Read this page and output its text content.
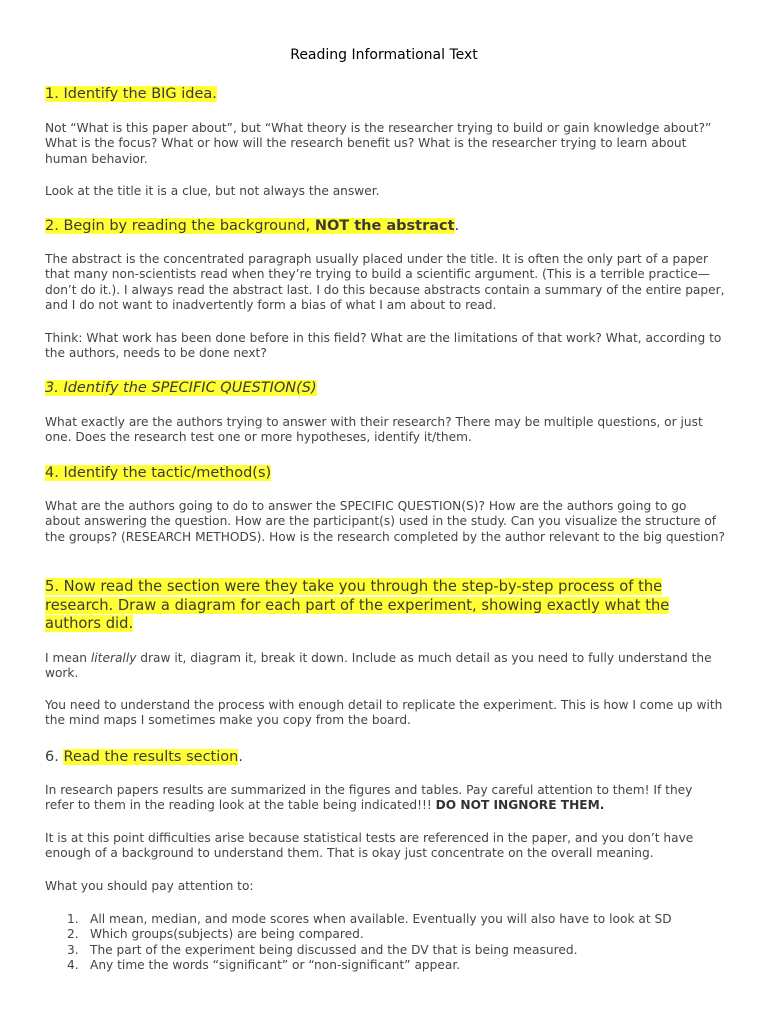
Reading Informational Text
1. Identify the BIG idea.

Not “What is this paper about”, but “What theory is the researcher trying to build or gain knowledge about?” What is the focus? What or how will the research benefit us? What is the researcher trying to learn about human behavior.

Look at the title it is a clue, but not always the answer.

2. Begin by reading the background, NOT the abstract.

The abstract is the concentrated paragraph usually placed under the title. It is often the only part of a paper that many non-scientists read when they’re trying to build a scientific argument. (This is a terrible practice—don’t do it.). I always read the abstract last. I do this because abstracts contain a summary of the entire paper, and I do not want to inadvertently form a bias of what I am about to read.

Think: What work has been done before in this field? What are the limitations of that work? What, according to the authors, needs to be done next?

3. Identify the SPECIFIC QUESTION(S)

What exactly are the authors trying to answer with their research? There may be multiple questions, or just one. Does the research test one or more hypotheses, identify it/them.

4. Identify the tactic/method(s)

What are the authors going to do to answer the SPECIFIC QUESTION(S)? How are the authors going to go about answering the question. How are the participant(s) used in the study. Can you visualize the structure of the groups? (RESEARCH METHODS). How is the research completed by the author relevant to the big question?

5. Now read the section were they take you through the step-by-step process of the research. Draw a diagram for each part of the experiment, showing exactly what the authors did.

I mean literally draw it, diagram it, break it down. Include as much detail as you need to fully understand the work.

You need to understand the process with enough detail to replicate the experiment. This is how I come up with the mind maps I sometimes make you copy from the board.

6. Read the results section.

In research papers results are summarized in the figures and tables. Pay careful attention to them! If they refer to them in the reading look at the table being indicated!!! DO NOT INGNORE THEM.

It is at this point difficulties arise because statistical tests are referenced in the paper, and you don’t have enough of a background to understand them. That is okay just concentrate on the overall meaning.

What you should pay attention to:

1. All mean, median, and mode scores when available. Eventually you will also have to look at SD
2. Which groups(subjects) are being compared.
3. The part of the experiment being discussed and the DV that is being measured.
4. Any time the words “significant” or “non-significant” appear.
